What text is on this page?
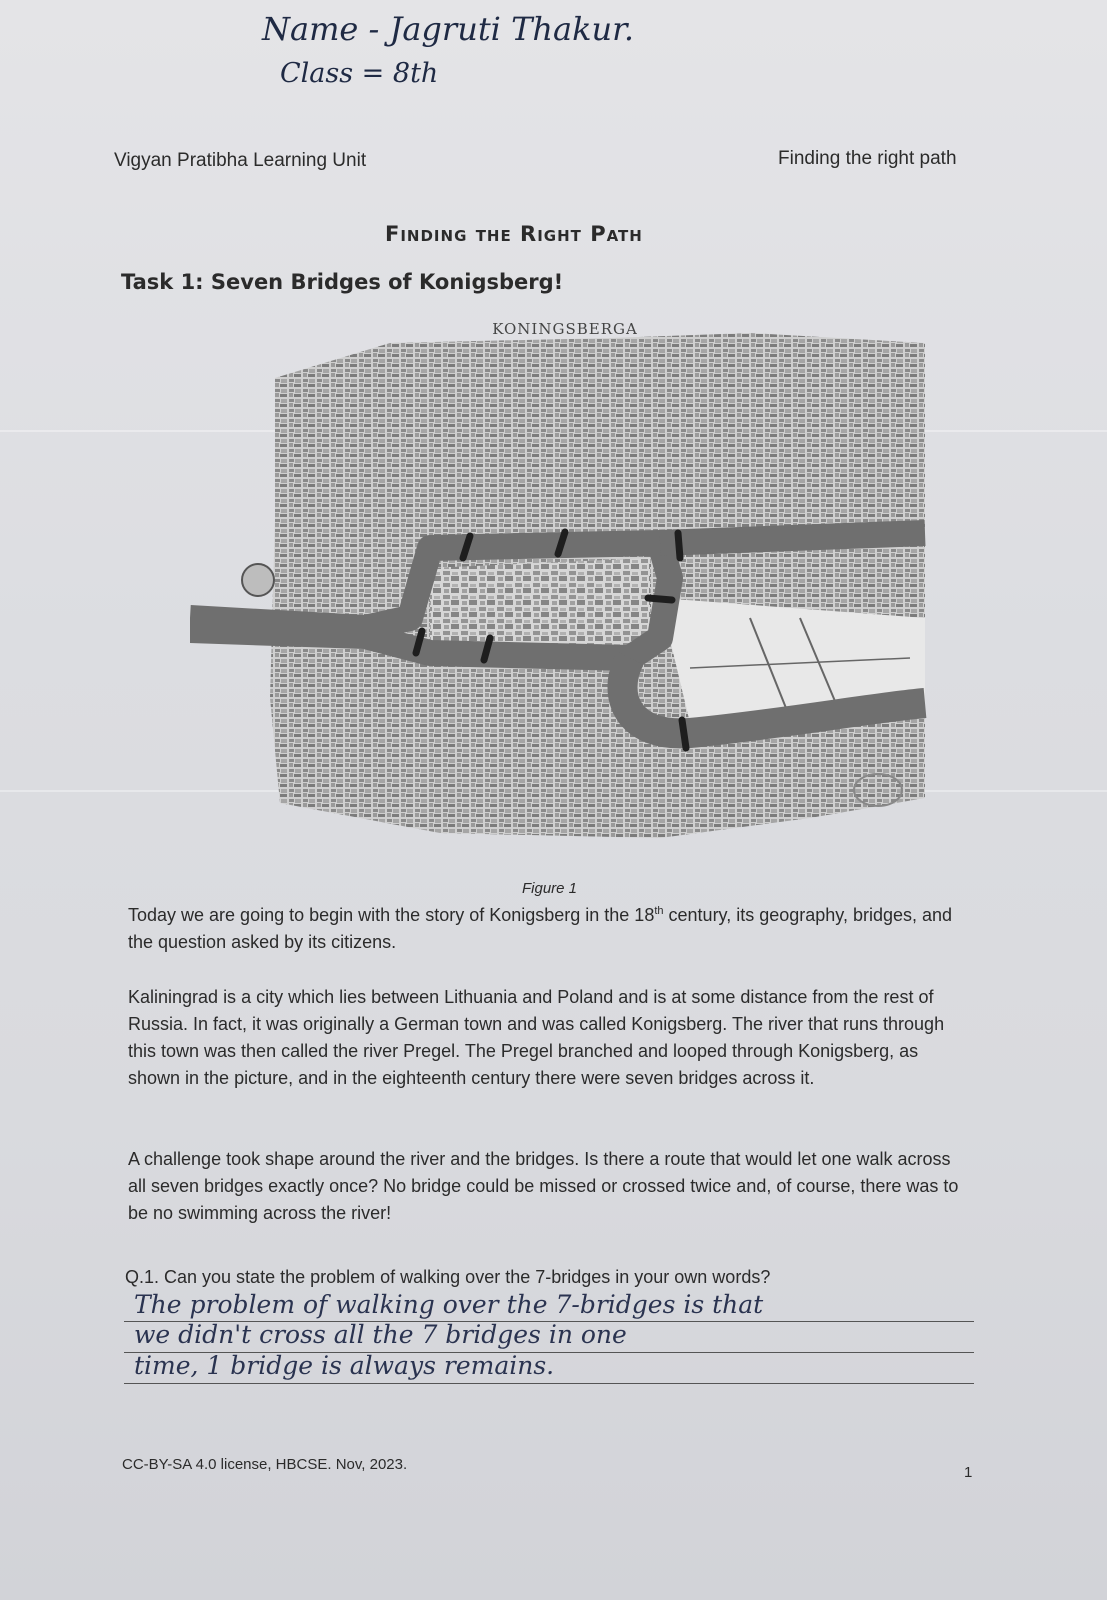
Name - Jagruti Thakur.
Class = 8th
Vigyan Pratibha Learning Unit	Finding the right path
Finding the Right Path
Task 1: Seven Bridges of Konigsberg!
KONINGSBERGA
Figure 1
Today we are going to begin with the story of Konigsberg in the 18th century, its geography, bridges, and the question asked by its citizens.
Kaliningrad is a city which lies between Lithuania and Poland and is at some distance from the rest of Russia. In fact, it was originally a German town and was called Konigsberg. The river that runs through this town was then called the river Pregel. The Pregel branched and looped through Konigsberg, as shown in the picture, and in the eighteenth century there were seven bridges across it.
A challenge took shape around the river and the bridges. Is there a route that would let one walk across all seven bridges exactly once? No bridge could be missed or crossed twice and, of course, there was to be no swimming across the river!
Q.1. Can you state the problem of walking over the 7-bridges in your own words?
The problem of walking over the 7-bridges is that
we didn't cross all the 7 bridges in one
time, 1 bridge is always remains.
CC-BY-SA 4.0 license, HBCSE. Nov, 2023.	1
